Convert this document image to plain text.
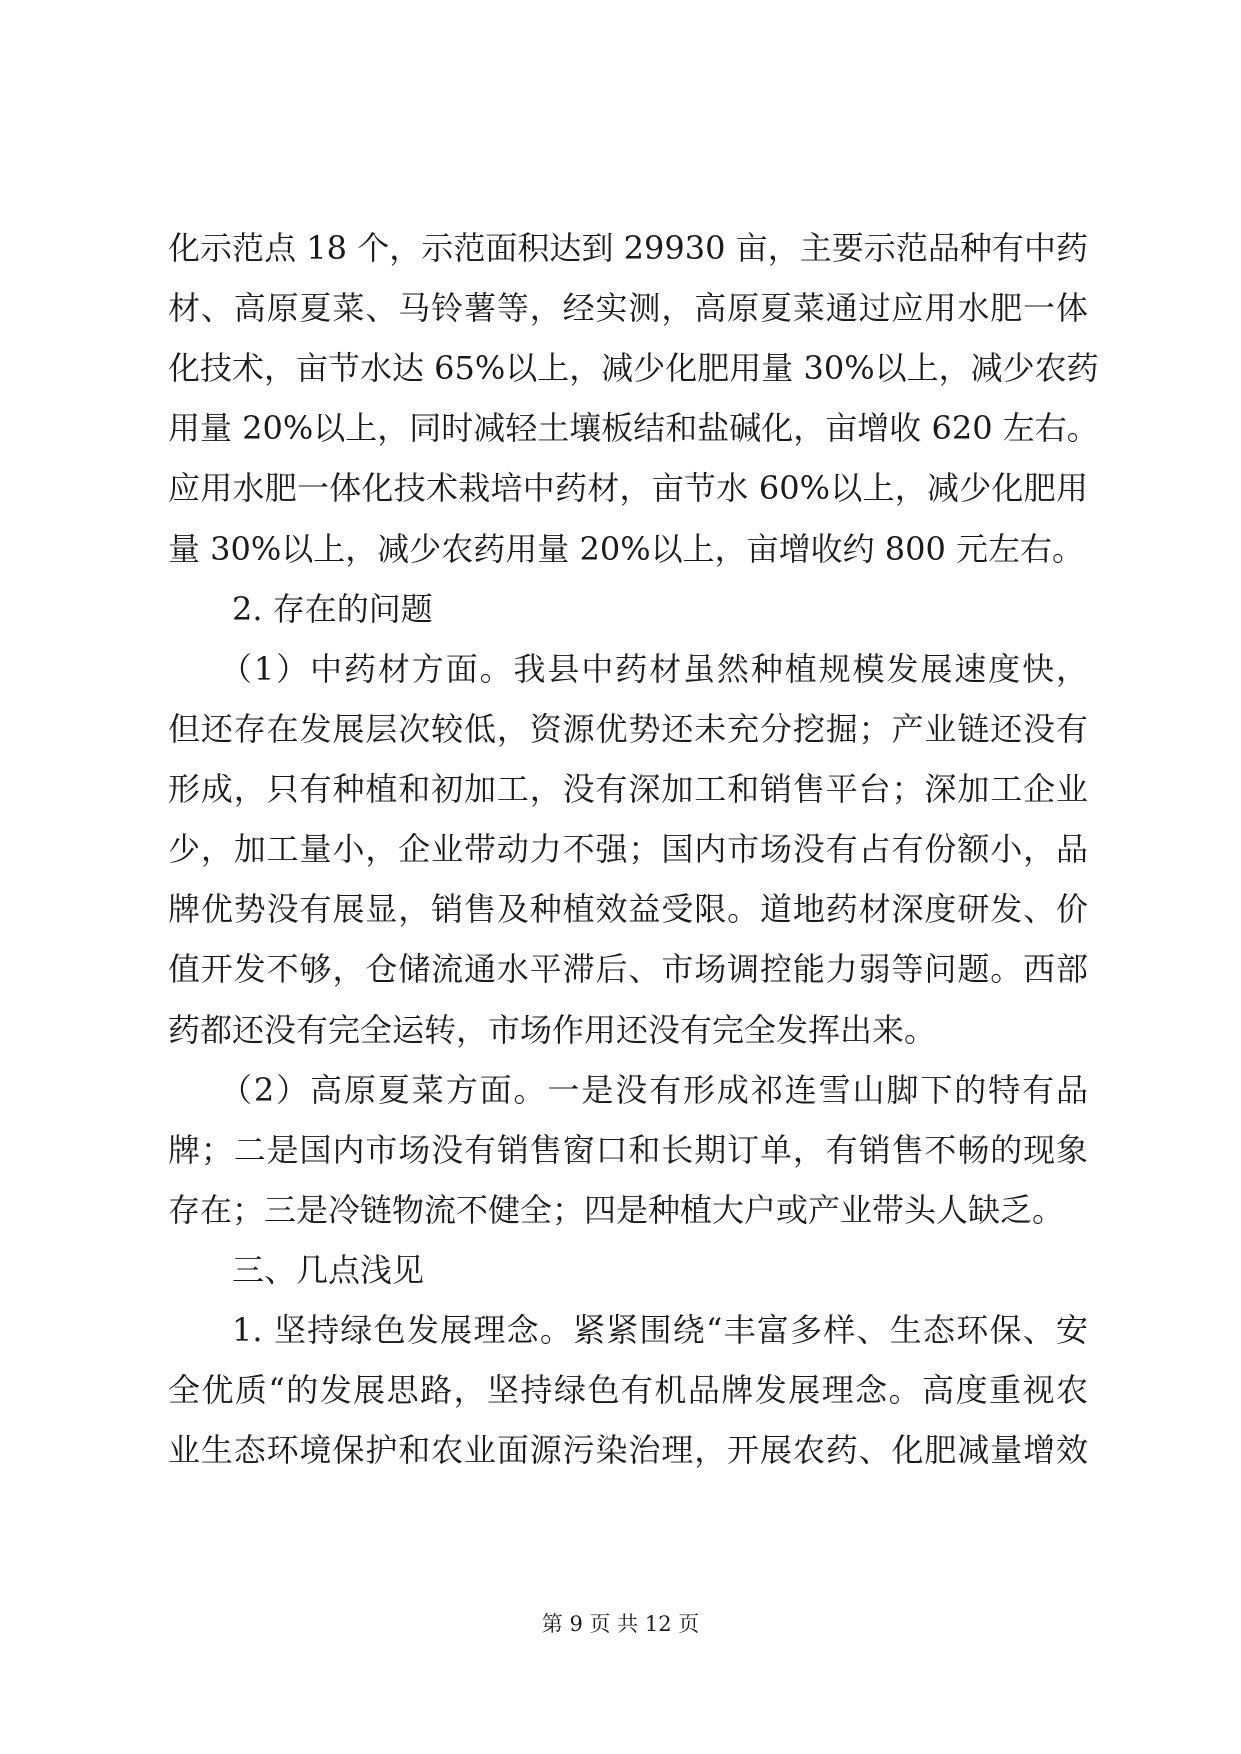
化示范点 18 个，示范面积达到 29930 亩，主要示范品种有中药
材、高原夏菜、马铃薯等，经实测，高原夏菜通过应用水肥一体
化技术，亩节水达 65%以上，减少化肥用量 30%以上，减少农药
用量 20%以上，同时减轻土壤板结和盐碱化，亩增收 620 左右。
应用水肥一体化技术栽培中药材，亩节水 60%以上，减少化肥用
量 30%以上，减少农药用量 20%以上，亩增收约 800 元左右。
2. 存在的问题
（1）中药材方面。我县中药材虽然种植规模发展速度快，
但还存在发展层次较低，资源优势还未充分挖掘；产业链还没有
形成，只有种植和初加工，没有深加工和销售平台；深加工企业
少，加工量小，企业带动力不强；国内市场没有占有份额小，品
牌优势没有展显，销售及种植效益受限。道地药材深度研发、价
值开发不够，仓储流通水平滞后、市场调控能力弱等问题。西部
药都还没有完全运转，市场作用还没有完全发挥出来。
（2）高原夏菜方面。一是没有形成祁连雪山脚下的特有品
牌；二是国内市场没有销售窗口和长期订单，有销售不畅的现象
存在；三是冷链物流不健全；四是种植大户或产业带头人缺乏。
三、几点浅见
1. 坚持绿色发展理念。紧紧围绕“丰富多样、生态环保、安
全优质“的发展思路，坚持绿色有机品牌发展理念。高度重视农
业生态环境保护和农业面源污染治理，开展农药、化肥减量增效
第 9 页 共 12 页
